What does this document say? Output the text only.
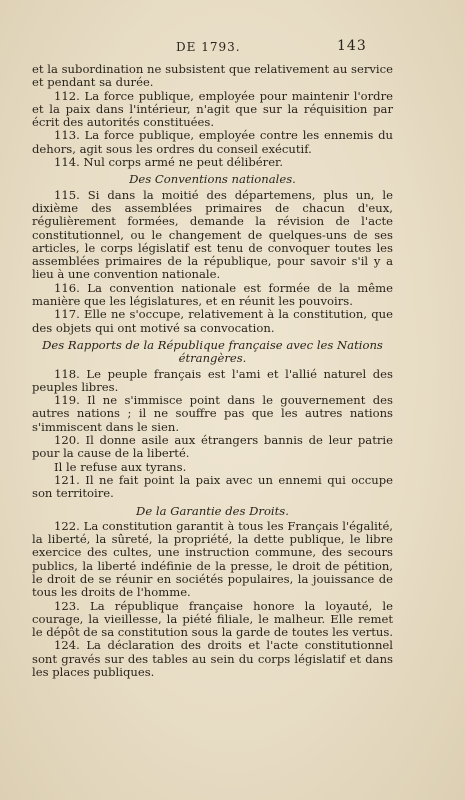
DE 1793.	143

et la subordination ne subsistent que relativement au service et pendant sa durée.

112. La force publique, employée pour maintenir l'ordre et la paix dans l'intérieur, n'agit que sur la réquisition par écrit des autorités constituées.

113. La force publique, employée contre les ennemis du dehors, agit sous les ordres du conseil exécutif.

114. Nul corps armé ne peut délibérer.

Des Conventions nationales.

115. Si dans la moitié des départemens, plus un, le dixième des assemblées primaires de chacun d'eux, régulièrement formées, demande la révision de l'acte constitutionnel, ou le changement de quelques-uns de ses articles, le corps législatif est tenu de convoquer toutes les assemblées primaires de la république, pour savoir s'il y a lieu à une convention nationale.

116. La convention nationale est formée de la même manière que les législatures, et en réunit les pouvoirs.

117. Elle ne s'occupe, relativement à la constitution, que des objets qui ont motivé sa convocation.

Des Rapports de la République française avec les Nations étrangères.

118. Le peuple français est l'ami et l'allié naturel des peuples libres.

119. Il ne s'immisce point dans le gouvernement des autres nations ; il ne souffre pas que les autres nations s'immiscent dans le sien.

120. Il donne asile aux étrangers bannis de leur patrie pour la cause de la liberté.

Il le refuse aux tyrans.

121. Il ne fait point la paix avec un ennemi qui occupe son territoire.

De la Garantie des Droits.

122. La constitution garantit à tous les Français l'égalité, la liberté, la sûreté, la propriété, la dette publique, le libre exercice des cultes, une instruction commune, des secours publics, la liberté indéfinie de la presse, le droit de pétition, le droit de se réunir en sociétés populaires, la jouissance de tous les droits de l'homme.

123. La république française honore la loyauté, le courage, la vieillesse, la piété filiale, le malheur. Elle remet le dépôt de sa constitution sous la garde de toutes les vertus.

124. La déclaration des droits et l'acte constitutionnel sont gravés sur des tables au sein du corps législatif et dans les places publiques.
